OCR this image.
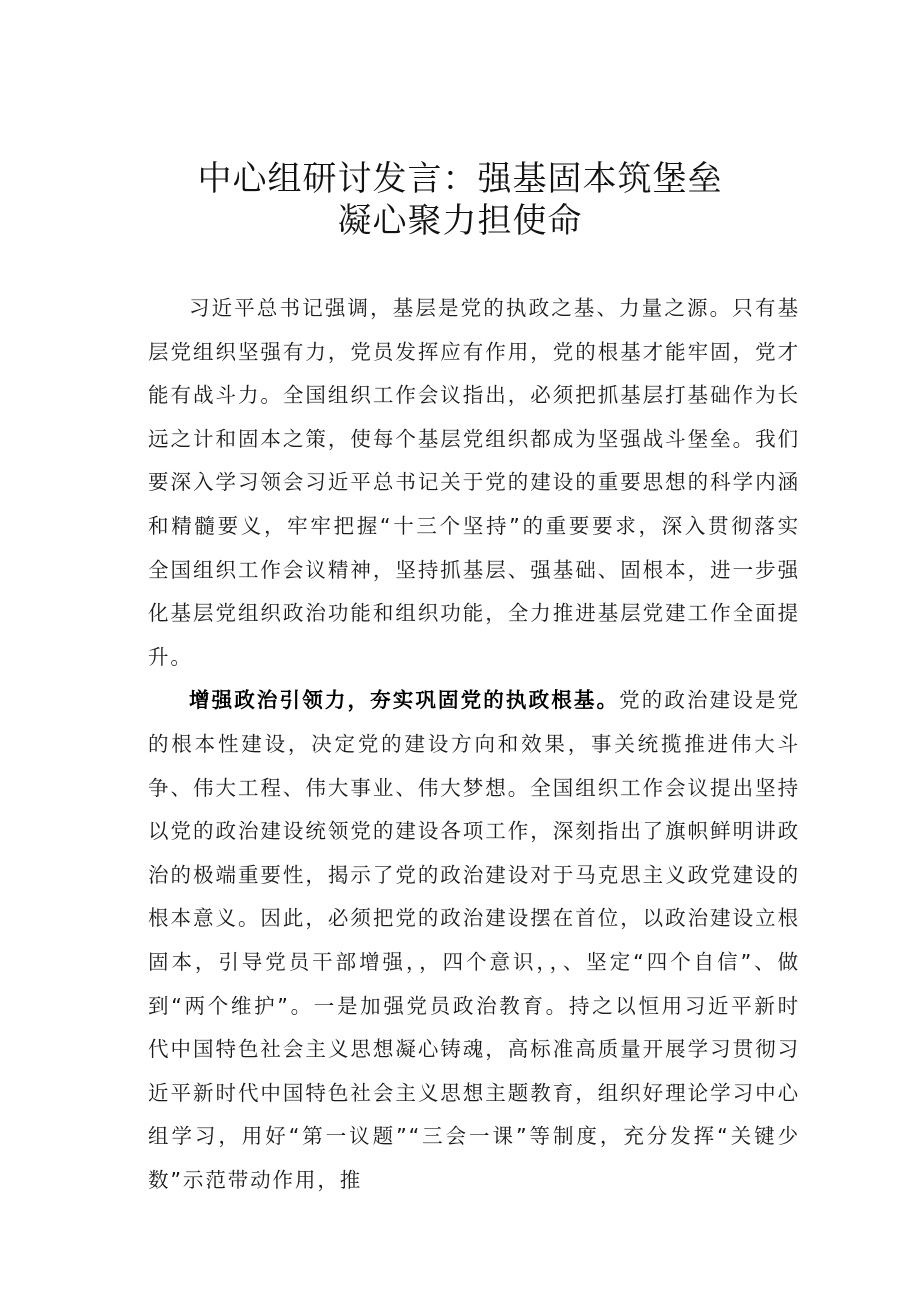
中心组研讨发言：强基固本筑堡垒
凝心聚力担使命

习近平总书记强调，基层是党的执政之基、力量之源。只有基层党组织坚强有力，党员发挥应有作用，党的根基才能牢固，党才能有战斗力。全国组织工作会议指出，必须把抓基层打基础作为长远之计和固本之策，使每个基层党组织都成为坚强战斗堡垒。我们要深入学习领会习近平总书记关于党的建设的重要思想的科学内涵和精髓要义，牢牢把握“十三个坚持”的重要要求，深入贯彻落实全国组织工作会议精神，坚持抓基层、强基础、固根本，进一步强化基层党组织政治功能和组织功能，全力推进基层党建工作全面提升。

增强政治引领力，夯实巩固党的执政根基。党的政治建设是党的根本性建设，决定党的建设方向和效果，事关统揽推进伟大斗争、伟大工程、伟大事业、伟大梦想。全国组织工作会议提出坚持以党的政治建设统领党的建设各项工作，深刻指出了旗帜鲜明讲政治的极端重要性，揭示了党的政治建设对于马克思主义政党建设的根本意义。因此，必须把党的政治建设摆在首位，以政治建设立根固本，引导党员干部增强，，四个意识，，、坚定“四个自信”、做到“两个维护”。一是加强党员政治教育。持之以恒用习近平新时代中国特色社会主义思想凝心铸魂，高标准高质量开展学习贯彻习近平新时代中国特色社会主义思想主题教育，组织好理论学习中心组学习，用好“第一议题”“三会一课”等制度，充分发挥“关键少数”示范带动作用，推
